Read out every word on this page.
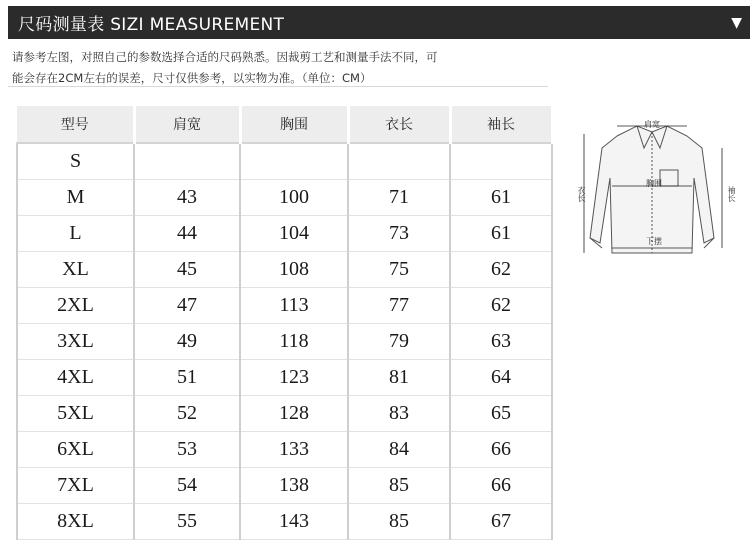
尺码测量表 SIZI MEASUREMENT	▼
请参考左图，对照自己的参数选择合适的尺码熟悉。因裁剪工艺和测量手法不同，可
能会存在2CM左右的误差，尺寸仅供参考，以实物为准。（单位：CM）
型号	肩宽	胸围	衣长	袖长
S				
M	43	100	71	61
L	44	104	73	61
XL	45	108	75	62
2XL	47	113	77	62
3XL	49	118	79	63
4XL	51	123	81	64
5XL	52	128	83	65
6XL	53	133	84	66
7XL	54	138	85	66
8XL	55	143	85	67
肩宽
胸围
衣长	袖长
下摆
